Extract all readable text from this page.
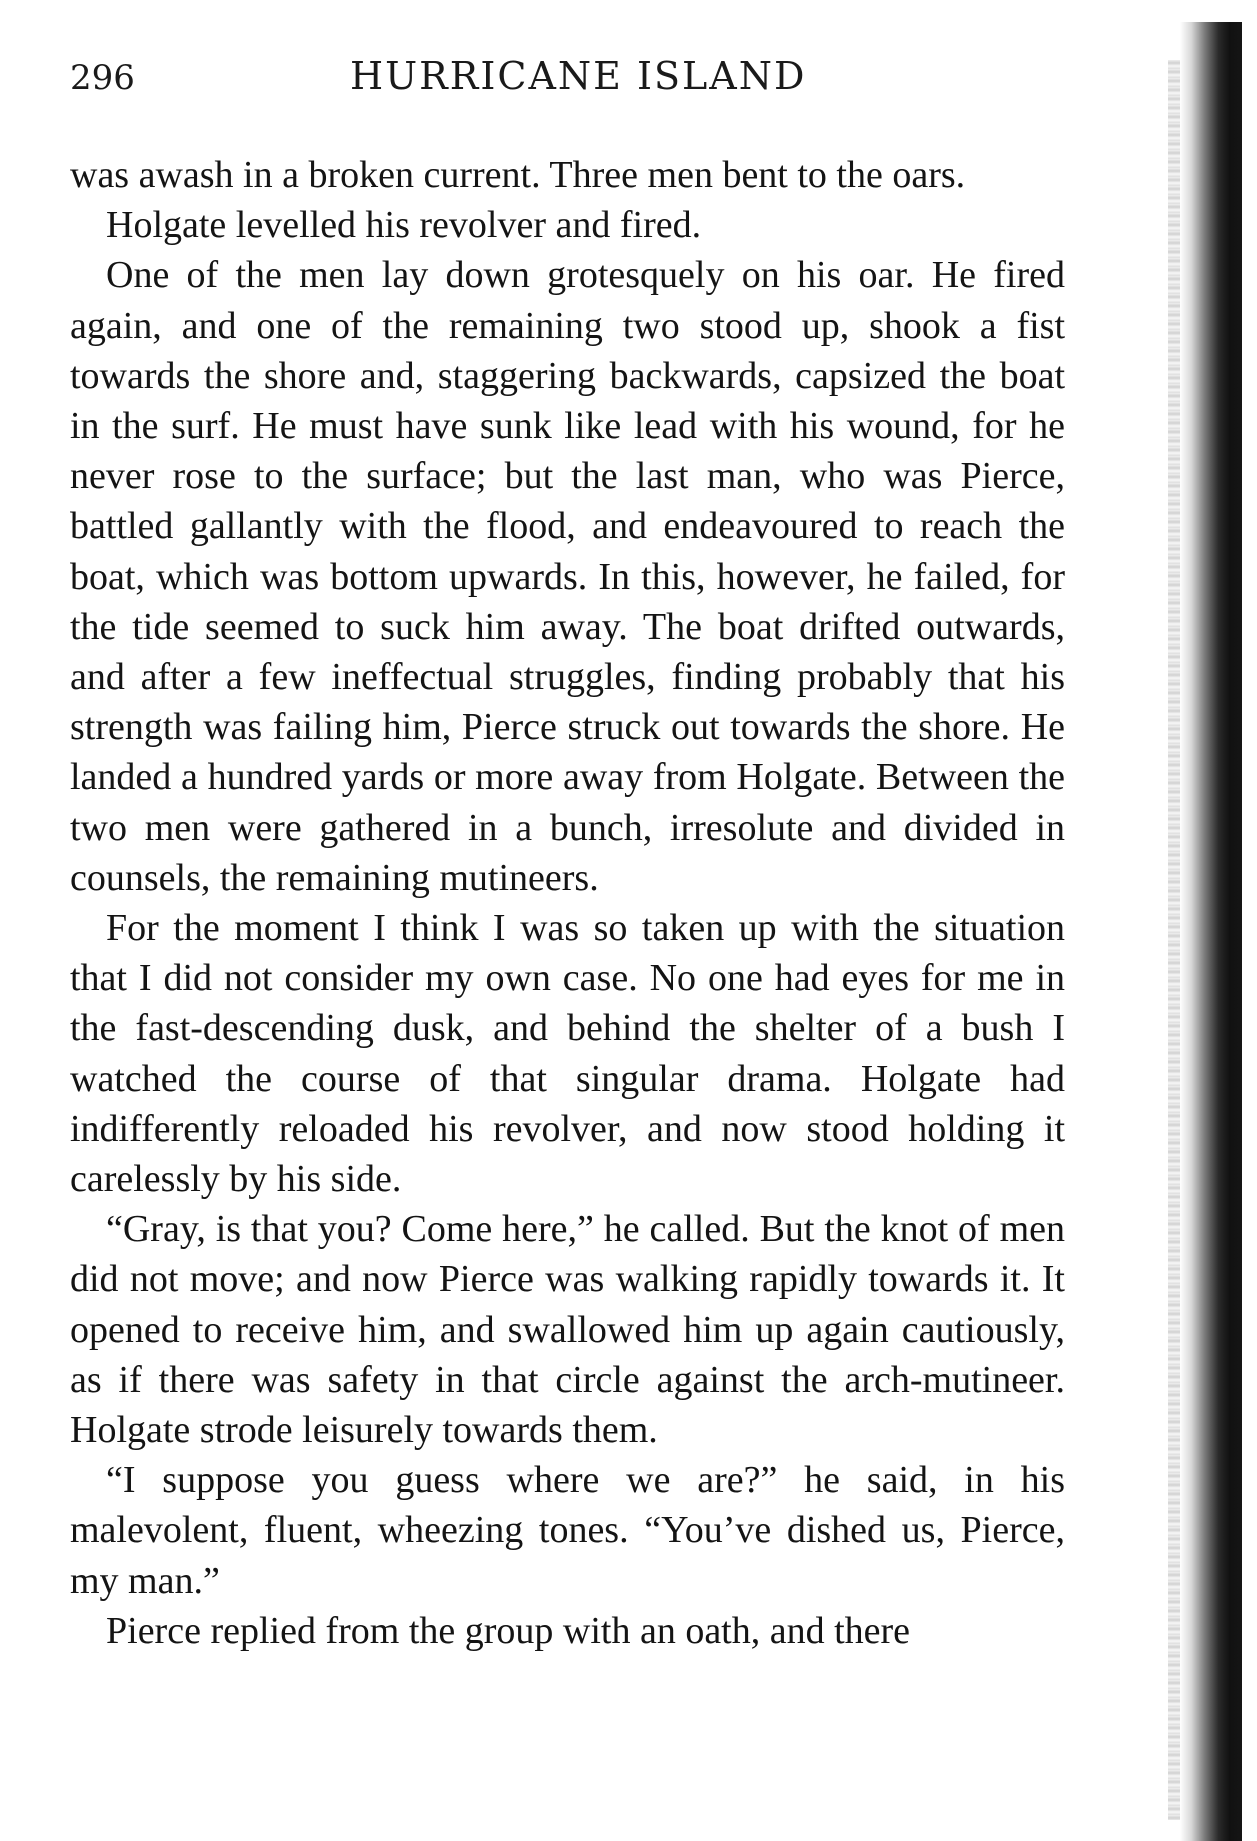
296	HURRICANE ISLAND

was awash in a broken current. Three men bent to the oars.

Holgate levelled his revolver and fired.

One of the men lay down grotesquely on his oar. He fired again, and one of the remaining two stood up, shook a fist towards the shore and, staggering backwards, capsized the boat in the surf. He must have sunk like lead with his wound, for he never rose to the surface; but the last man, who was Pierce, battled gallantly with the flood, and endeavoured to reach the boat, which was bottom upwards. In this, however, he failed, for the tide seemed to suck him away. The boat drifted outwards, and after a few ineffectual struggles, finding probably that his strength was failing him, Pierce struck out towards the shore. He landed a hundred yards or more away from Holgate. Between the two men were gathered in a bunch, irresolute and divided in counsels, the remaining mutineers.

For the moment I think I was so taken up with the situation that I did not consider my own case. No one had eyes for me in the fast-descending dusk, and behind the shelter of a bush I watched the course of that singular drama. Holgate had indifferently reloaded his revolver, and now stood holding it carelessly by his side.

“Gray, is that you? Come here,” he called. But the knot of men did not move; and now Pierce was walking rapidly towards it. It opened to receive him, and swallowed him up again cautiously, as if there was safety in that circle against the arch-mutineer. Holgate strode leisurely towards them.

“I suppose you guess where we are?” he said, in his malevolent, fluent, wheezing tones. “You’ve dished us, Pierce, my man.”

Pierce replied from the group with an oath, and there
